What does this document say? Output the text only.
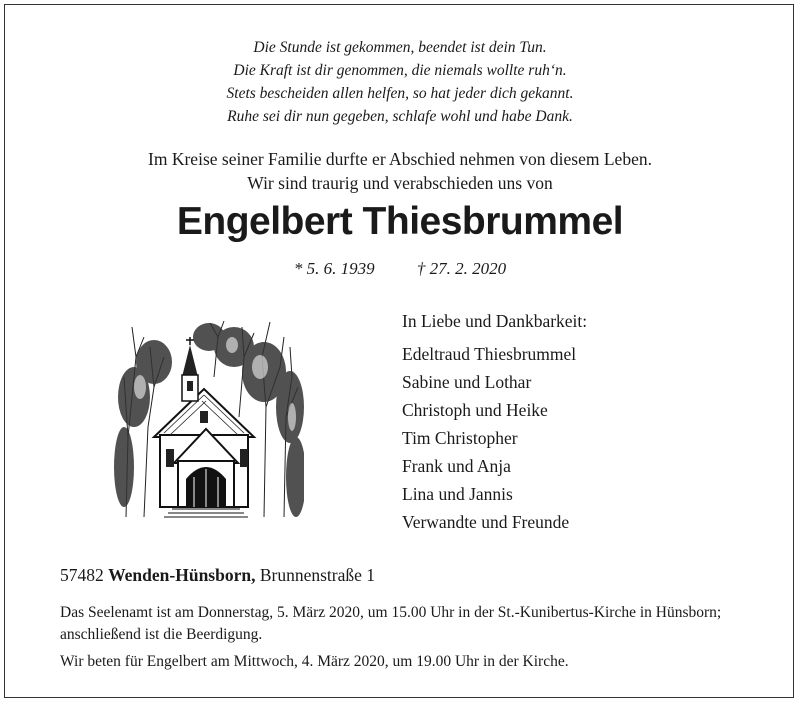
Die Stunde ist gekommen, beendet ist dein Tun.
Die Kraft ist dir genommen, die niemals wollte ruh‘n.
Stets bescheiden allen helfen, so hat jeder dich gekannt.
Ruhe sei dir nun gegeben, schlafe wohl und habe Dank.
Im Kreise seiner Familie durfte er Abschied nehmen von diesem Leben.
Wir sind traurig und verabschieden uns von
Engelbert Thiesbrummel
* 5. 6. 1939 † 27. 2. 2020
In Liebe und Dankbarkeit:
Edeltraud Thiesbrummel
Sabine und Lothar
Christoph und Heike
Tim Christopher
Frank und Anja
Lina und Jannis
Verwandte und Freunde
57482 Wenden-Hünsborn, Brunnenstraße 1

Das Seelenamt ist am Donnerstag, 5. März 2020, um 15.00 Uhr in der St.-Kunibertus-Kirche in Hünsborn; anschließend ist die Beerdigung.

Wir beten für Engelbert am Mittwoch, 4. März 2020, um 19.00 Uhr in der Kirche.
